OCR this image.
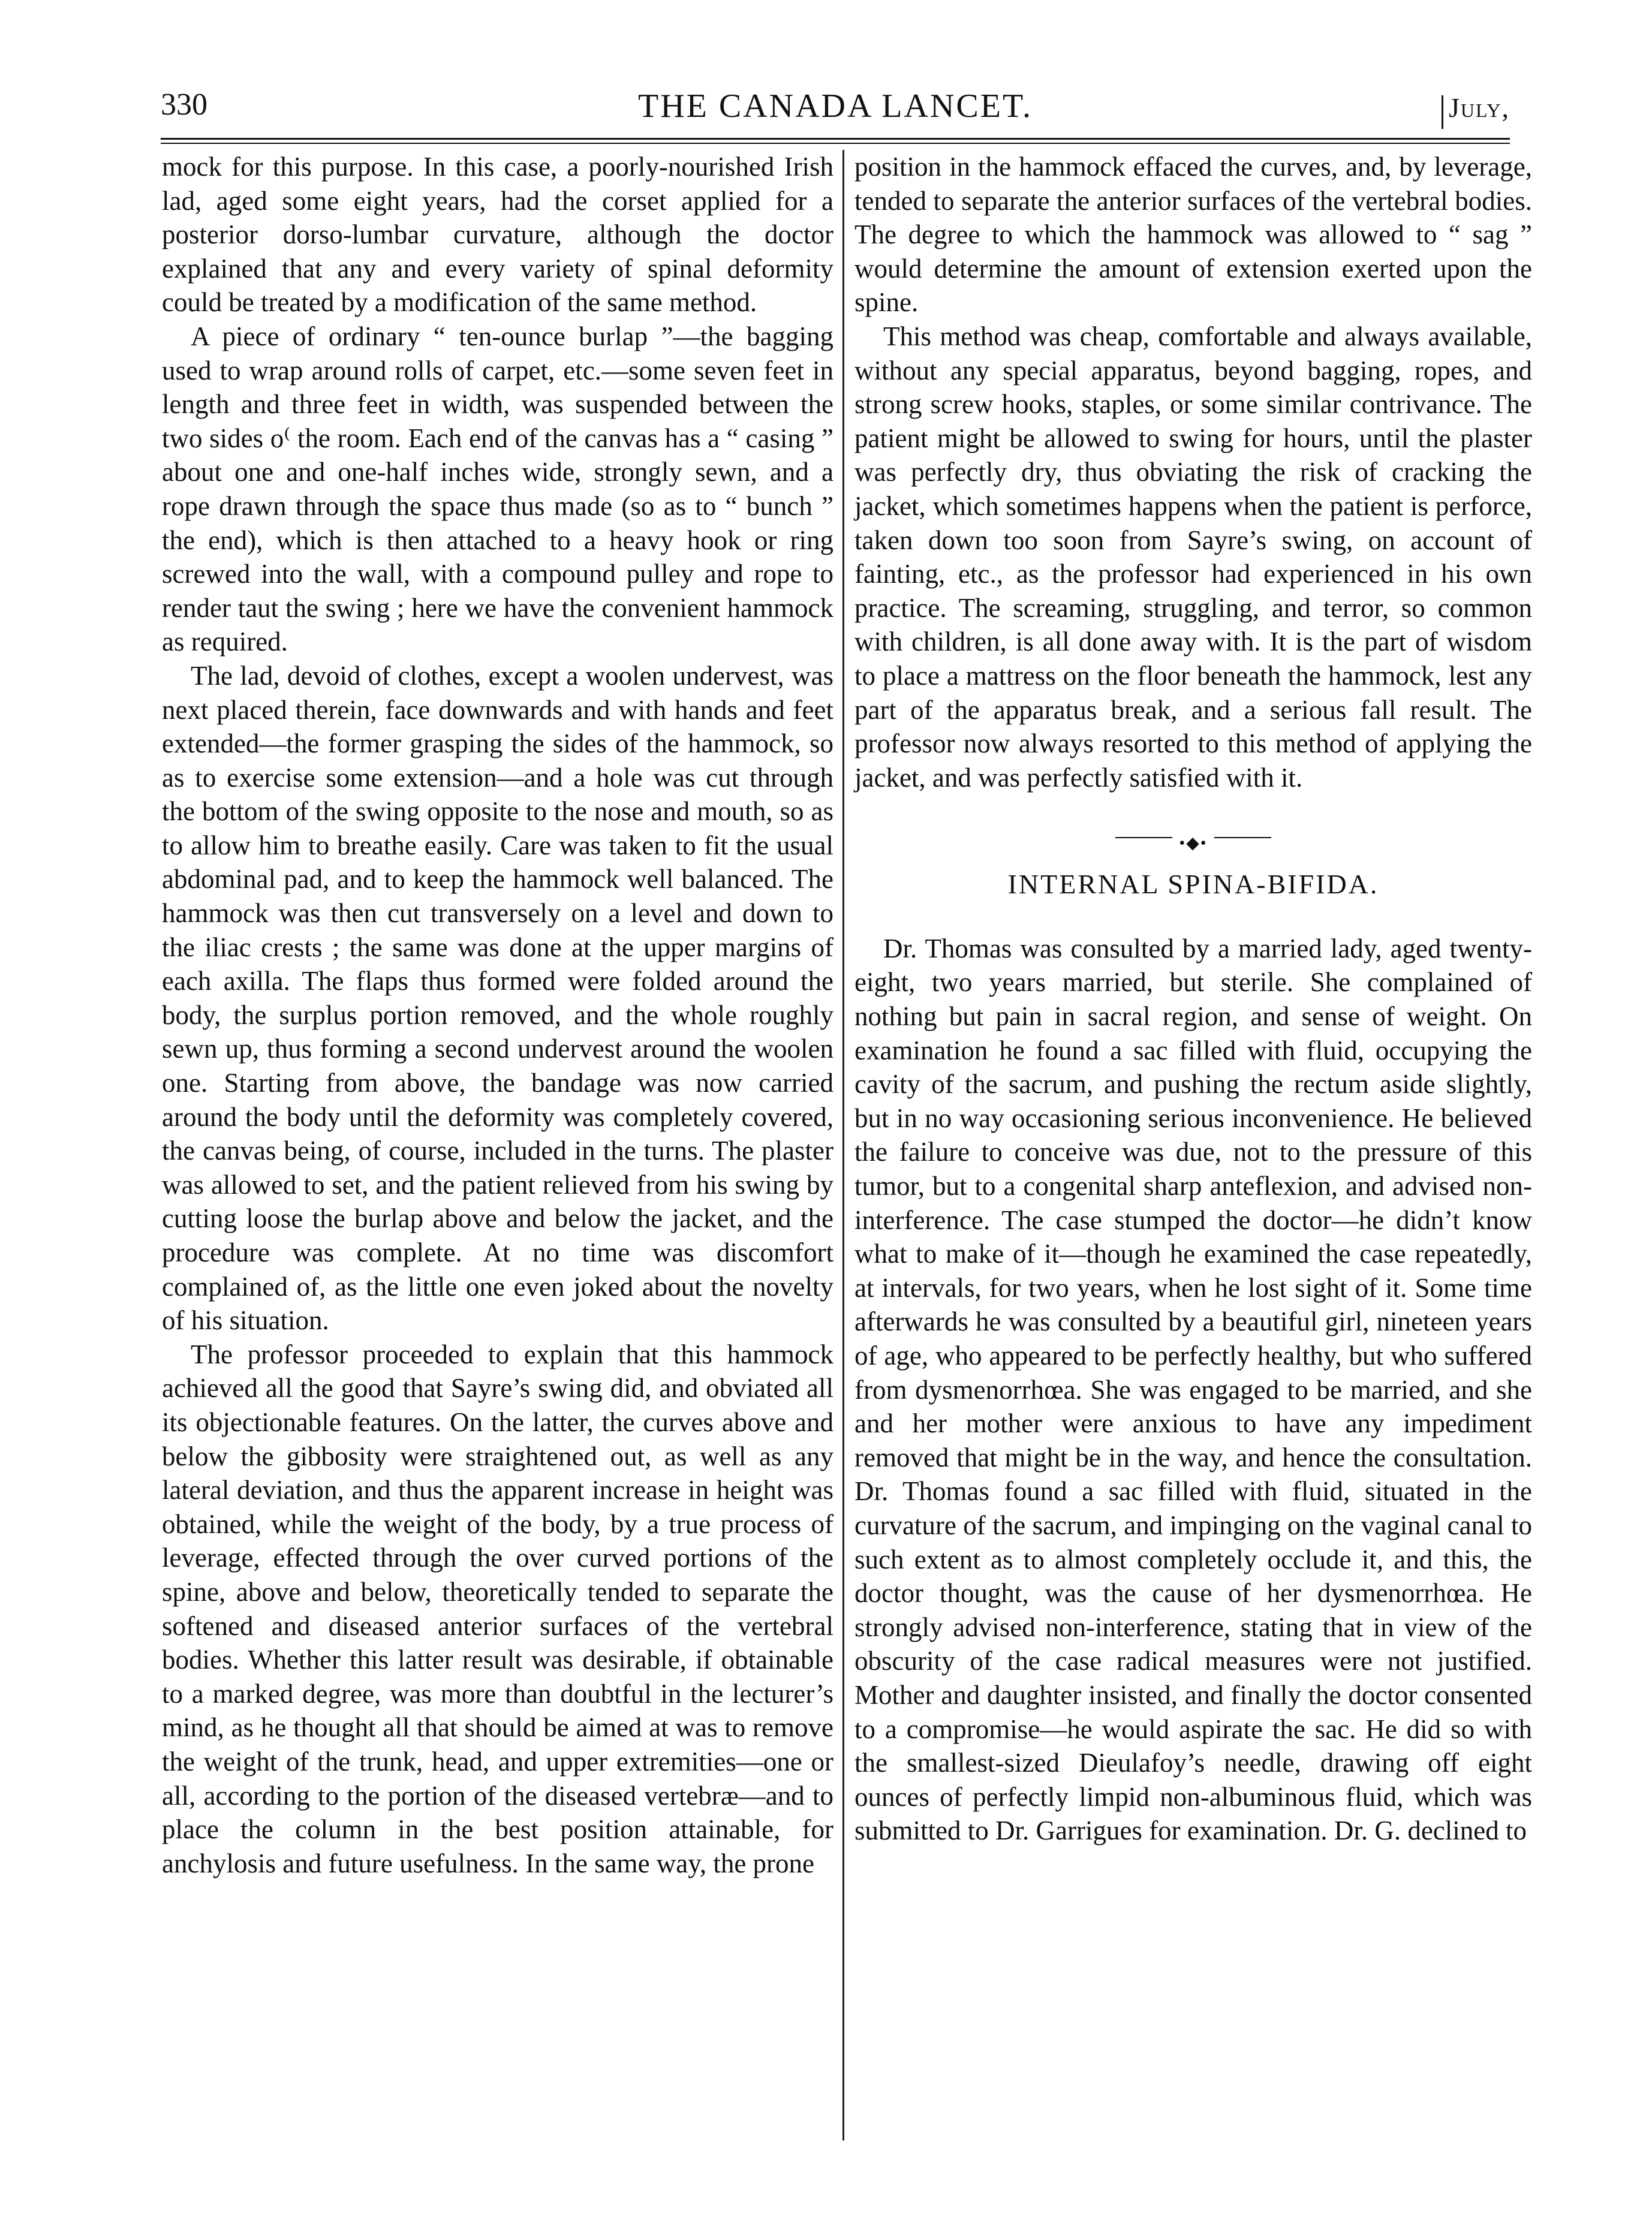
330	THE CANADA LANCET.	July,

mock for this purpose. In this case, a poorly-nourished Irish lad, aged some eight years, had the corset applied for a posterior dorso-lumbar curvature, although the doctor explained that any and every variety of spinal deformity could be treated by a modification of the same method.

A piece of ordinary “ ten-ounce burlap ”—the bagging used to wrap around rolls of carpet, etc.—some seven feet in length and three feet in width, was suspended between the two sides o⁽ the room. Each end of the canvas has a “ casing ” about one and one-half inches wide, strongly sewn, and a rope drawn through the space thus made (so as to “ bunch ” the end), which is then attached to a heavy hook or ring screwed into the wall, with a compound pulley and rope to render taut the swing ; here we have the convenient hammock as required.

The lad, devoid of clothes, except a woolen undervest, was next placed therein, face downwards and with hands and feet extended—the former grasping the sides of the hammock, so as to exercise some extension—and a hole was cut through the bottom of the swing opposite to the nose and mouth, so as to allow him to breathe easily. Care was taken to fit the usual abdominal pad, and to keep the hammock well balanced. The hammock was then cut transversely on a level and down to the iliac crests ; the same was done at the upper margins of each axilla. The flaps thus formed were folded around the body, the surplus portion removed, and the whole roughly sewn up, thus forming a second undervest around the woolen one. Starting from above, the bandage was now carried around the body until the deformity was completely covered, the canvas being, of course, included in the turns. The plaster was allowed to set, and the patient relieved from his swing by cutting loose the burlap above and below the jacket, and the procedure was complete. At no time was discomfort complained of, as the little one even joked about the novelty of his situation.

The professor proceeded to explain that this hammock achieved all the good that Sayre’s swing did, and obviated all its objectionable features. On the latter, the curves above and below the gibbosity were straightened out, as well as any lateral deviation, and thus the apparent increase in height was obtained, while the weight of the body, by a true process of leverage, effected through the over curved portions of the spine, above and below, theoretically tended to separate the softened and diseased anterior surfaces of the vertebral bodies. Whether this latter result was desirable, if obtainable to a marked degree, was more than doubtful in the lecturer’s mind, as he thought all that should be aimed at was to remove the weight of the trunk, head, and upper extremities—one or all, according to the portion of the diseased vertebræ—and to place the column in the best position attainable, for anchylosis and future usefulness. In the same way, the prone

position in the hammock effaced the curves, and, by leverage, tended to separate the anterior surfaces of the vertebral bodies. The degree to which the hammock was allowed to “ sag ” would determine the amount of extension exerted upon the spine.

This method was cheap, comfortable and always available, without any special apparatus, beyond bagging, ropes, and strong screw hooks, staples, or some similar contrivance. The patient might be allowed to swing for hours, until the plaster was perfectly dry, thus obviating the risk of cracking the jacket, which sometimes happens when the patient is perforce, taken down too soon from Sayre’s swing, on account of fainting, etc., as the professor had experienced in his own practice. The screaming, struggling, and terror, so common with children, is all done away with. It is the part of wisdom to place a mattress on the floor beneath the hammock, lest any part of the apparatus break, and a serious fall result. The professor now always resorted to this method of applying the jacket, and was perfectly satisfied with it.

•◆•
INTERNAL SPINA-BIFIDA.

Dr. Thomas was consulted by a married lady, aged twenty-eight, two years married, but sterile. She complained of nothing but pain in sacral region, and sense of weight. On examination he found a sac filled with fluid, occupying the cavity of the sacrum, and pushing the rectum aside slightly, but in no way occasioning serious inconvenience. He believed the failure to conceive was due, not to the pressure of this tumor, but to a congenital sharp anteflexion, and advised non-interference. The case stumped the doctor—he didn’t know what to make of it—though he examined the case repeatedly, at intervals, for two years, when he lost sight of it. Some time afterwards he was consulted by a beautiful girl, nineteen years of age, who appeared to be perfectly healthy, but who suffered from dysmenorrhœa. She was engaged to be married, and she and her mother were anxious to have any impediment removed that might be in the way, and hence the consultation. Dr. Thomas found a sac filled with fluid, situated in the curvature of the sacrum, and impinging on the vaginal canal to such extent as to almost completely occlude it, and this, the doctor thought, was the cause of her dysmenorrhœa. He strongly advised non-interference, stating that in view of the obscurity of the case radical measures were not justified. Mother and daughter insisted, and finally the doctor consented to a compromise—he would aspirate the sac. He did so with the smallest-sized Dieulafoy’s needle, drawing off eight ounces of perfectly limpid non-albuminous fluid, which was submitted to Dr. Garrigues for examination. Dr. G. declined to
